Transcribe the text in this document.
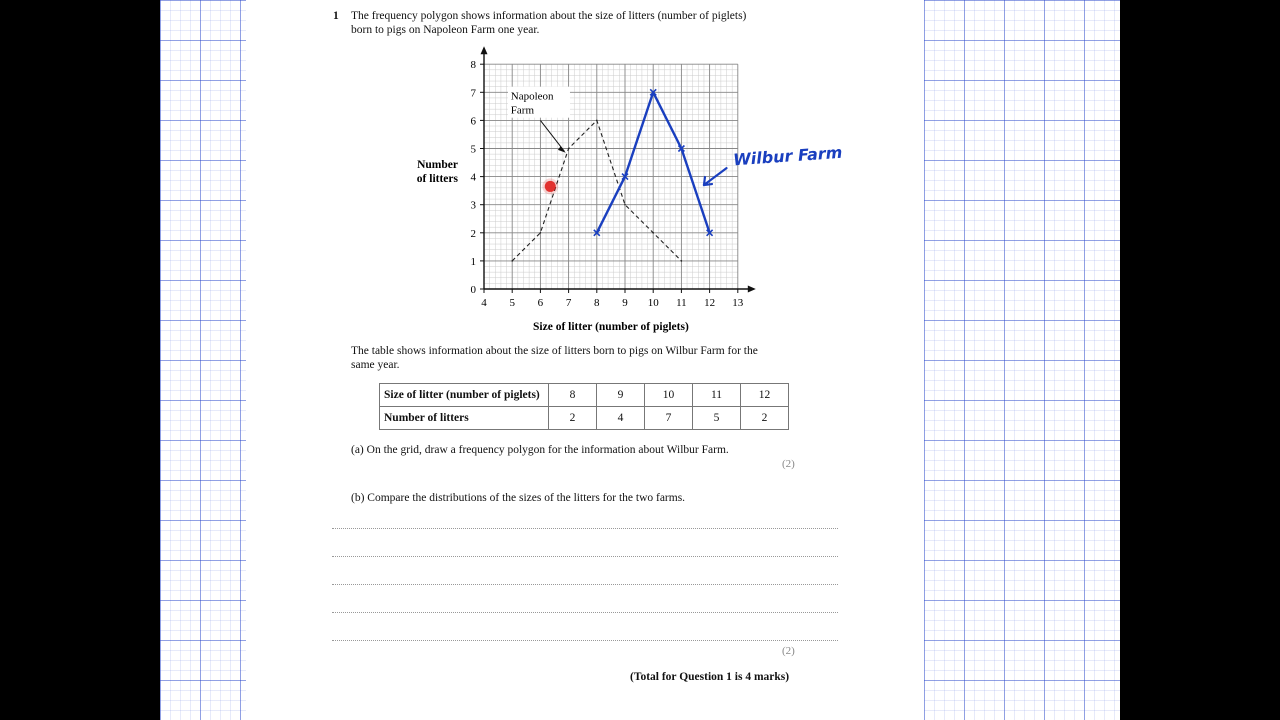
1 The frequency polygon shows information about the size of litters (number of piglets)
born to pigs on Napoleon Farm one year.
4 5 6 7 8 9 10 11 12 13
0
1
2
3
4
5
6
7
8
Size of litter (number of piglets)
Number
of litters
Napoleon
Farm
Wilbur Farm
The table shows information about the size of litters born to pigs on Wilbur Farm for the
same year.
Size of litter (number of piglets)	8	9	10	11	12
Number of litters	2	4	7	5	2
(a) On the grid, draw a frequency polygon for the information about Wilbur Farm.
(2)
(b) Compare the distributions of the sizes of the litters for the two farms.
(2)
(Total for Question 1 is 4 marks)
